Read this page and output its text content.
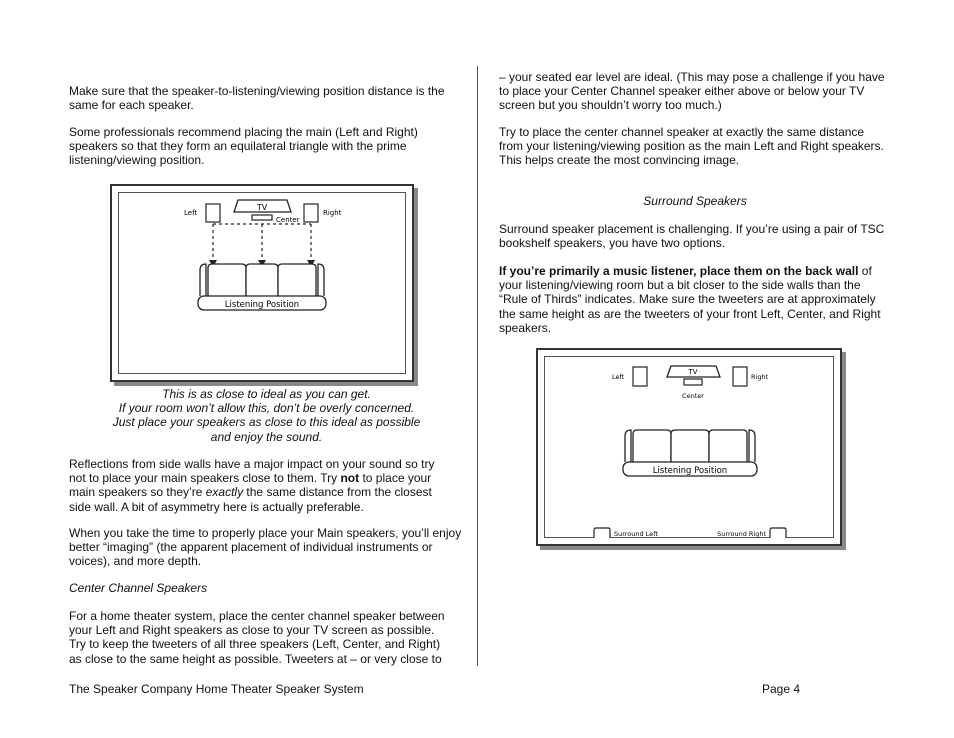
Make sure that the speaker-to-listening/viewing position distance is the same for each speaker.

Some professionals recommend placing the main (Left and Right) speakers so that they form an equilateral triangle with the prime listening/viewing position.

TV
Center
Left	Right
Listening Position
This is as close to ideal as you can get.
If your room won’t allow this, don’t be overly concerned.
Just place your speakers as close to this ideal as possible
and enjoy the sound.

Reflections from side walls have a major impact on your sound so try not to place your main speakers close to them. Try not to place your main speakers so they’re exactly the same distance from the closest side wall. A bit of asymmetry here is actually preferable.

When you take the time to properly place your Main speakers, you’ll enjoy better “imaging” (the apparent placement of individual instruments or voices), and more depth.

Center Channel Speakers

For a home theater system, place the center channel speaker between your Left and Right speakers as close to your TV screen as possible. Try to keep the tweeters of all three speakers (Left, Center, and Right) as close to the same height as possible. Tweeters at – or very close to

– your seated ear level are ideal. (This may pose a challenge if you have to place your Center Channel speaker either above or below your TV screen but you shouldn’t worry too much.)

Try to place the center channel speaker at exactly the same distance from your listening/viewing position as the main Left and Right speakers. This helps create the most convincing image.

Surround Speakers

Surround speaker placement is challenging. If you’re using a pair of TSC bookshelf speakers, you have two options.

If you’re primarily a music listener, place them on the back wall of your listening/viewing room but a bit closer to the side walls than the “Rule of Thirds” indicates. Make sure the tweeters are at approximately the same height as are the tweeters of your front Left, Center, and Right speakers.

TV
Center
Left	Right
Listening Position
Surround Left	Surround Right
The Speaker Company Home Theater Speaker System	Page 4
